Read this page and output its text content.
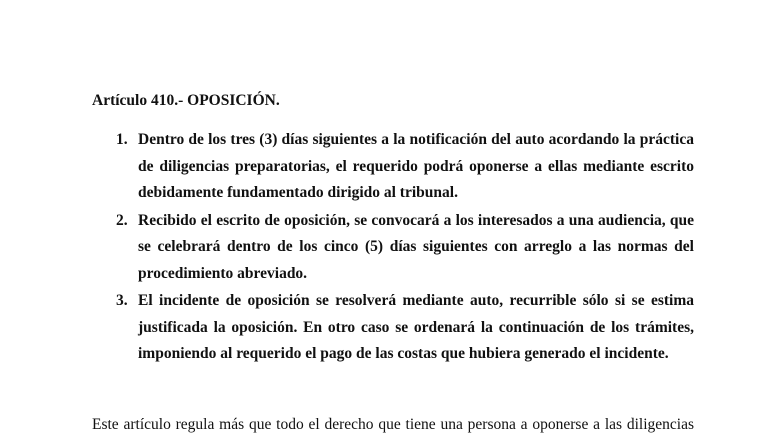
Artículo 410.- OPOSICIÓN.
1. Dentro de los tres (3) días siguientes a la notificación del auto acordando la práctica de diligencias preparatorias, el requerido podrá oponerse a ellas mediante escrito debidamente fundamentado dirigido al tribunal.
2. Recibido el escrito de oposición, se convocará a los interesados a una audiencia, que se celebrará dentro de los cinco (5) días siguientes con arreglo a las normas del procedimiento abreviado.
3. El incidente de oposición se resolverá mediante auto, recurrible sólo si se estima justificada la oposición. En otro caso se ordenará la continuación de los trámites, imponiendo al requerido el pago de las costas que hubiera generado el incidente.
Este artículo regula más que todo el derecho que tiene una persona a oponerse a las diligencias
